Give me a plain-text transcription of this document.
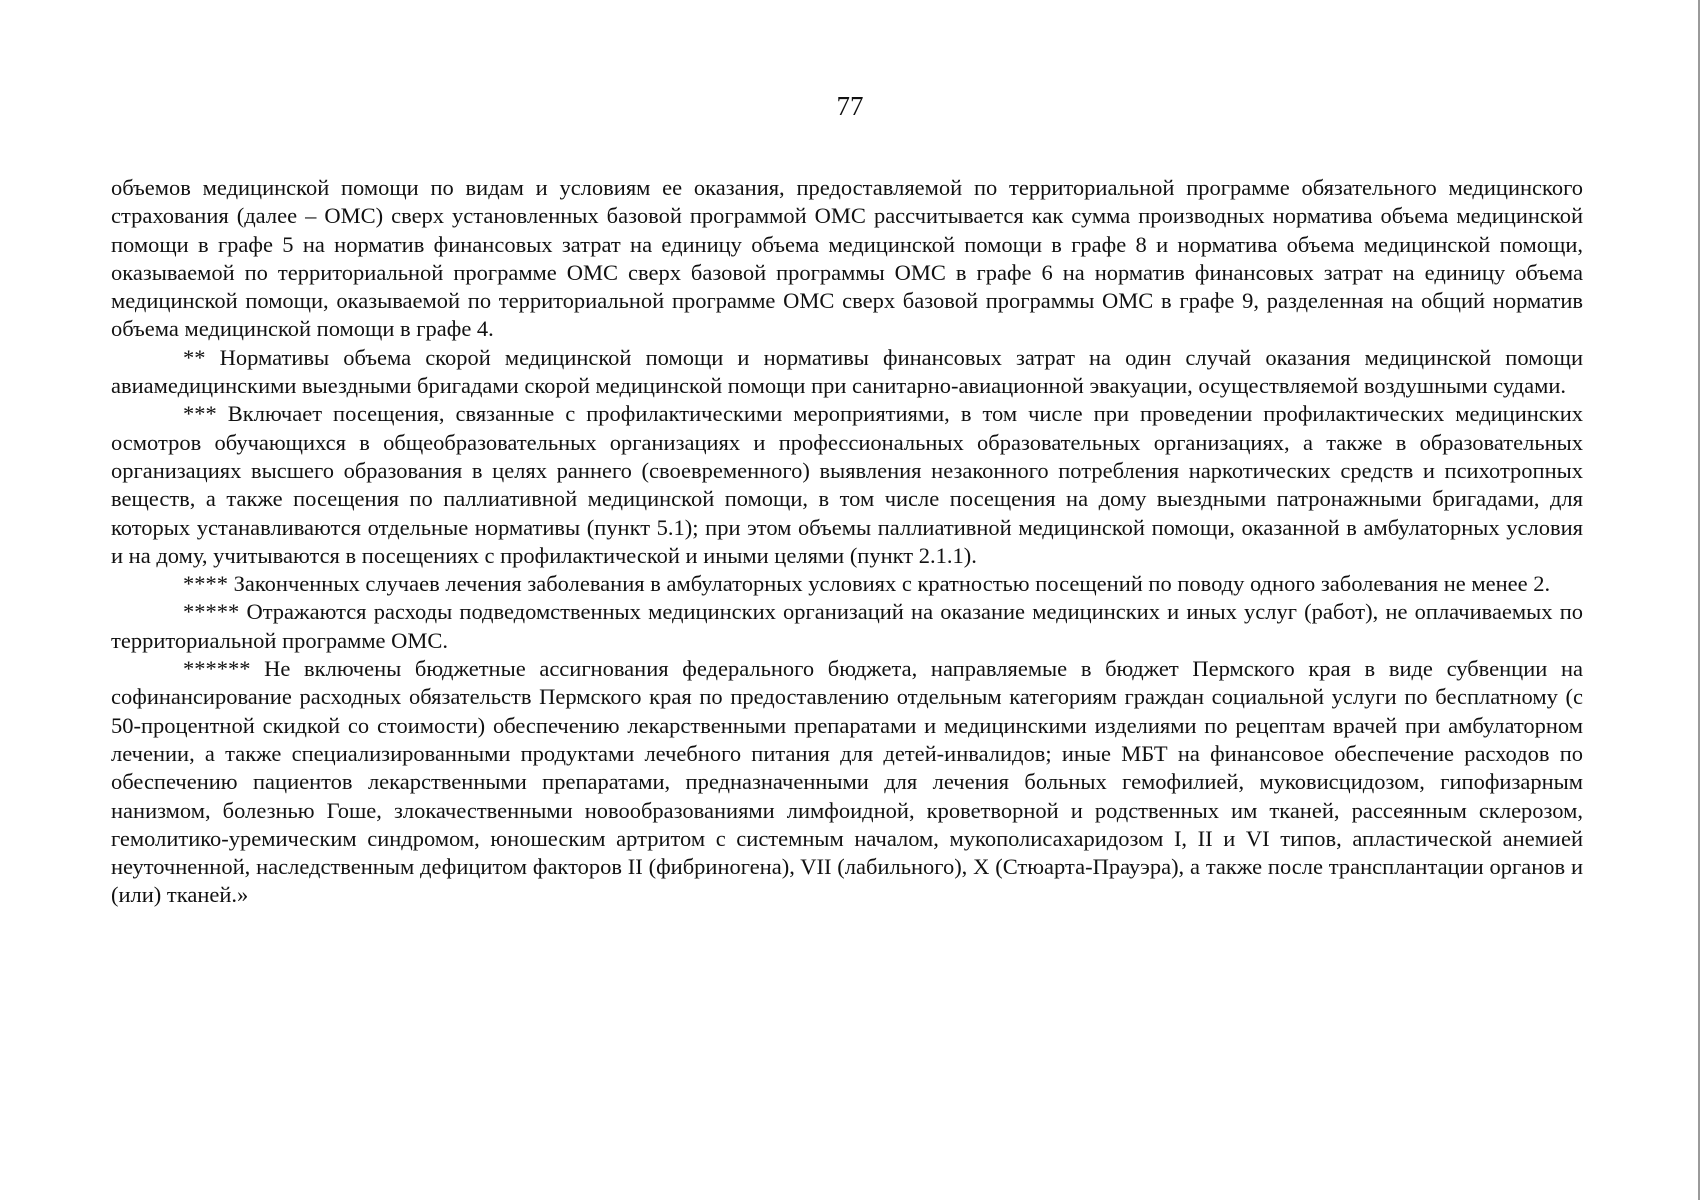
77

объемов медицинской помощи по видам и условиям ее оказания, предоставляемой по территориальной программе обязательного медицинского страхования (далее – ОМС) сверх установленных базовой программой ОМС рассчитывается как сумма производных норматива объема медицинской помощи в графе 5 на норматив финансовых затрат на единицу объема медицинской помощи в графе 8 и норматива объема медицинской помощи, оказываемой по территориальной программе ОМС сверх базовой программы ОМС в графе 6 на норматив финансовых затрат на единицу объема медицинской помощи, оказываемой по территориальной программе ОМС сверх базовой программы ОМС в графе 9, разделенная на общий норматив объема медицинской помощи в графе 4.

** Нормативы объема скорой медицинской помощи и нормативы финансовых затрат на один случай оказания медицинской помощи авиамедицинскими выездными бригадами скорой медицинской помощи при санитарно-авиационной эвакуации, осуществляемой воздушными судами.

*** Включает посещения, связанные с профилактическими мероприятиями, в том числе при проведении профилактических медицинских осмотров обучающихся в общеобразовательных организациях и профессиональных образовательных организациях, а также в образовательных организациях высшего образования в целях раннего (своевременного) выявления незаконного потребления наркотических средств и психотропных веществ, а также посещения по паллиативной медицинской помощи, в том числе посещения на дому выездными патронажными бригадами, для которых устанавливаются отдельные нормативы (пункт 5.1); при этом объемы паллиативной медицинской помощи, оказанной в амбулаторных условия и на дому, учитываются в посещениях с профилактической и иными целями (пункт 2.1.1).

**** Законченных случаев лечения заболевания в амбулаторных условиях с кратностью посещений по поводу одного заболевания не менее 2.

***** Отражаются расходы подведомственных медицинских организаций на оказание медицинских и иных услуг (работ), не оплачиваемых по территориальной программе ОМС.

****** Не включены бюджетные ассигнования федерального бюджета, направляемые в бюджет Пермского края в виде субвенции на софинансирование расходных обязательств Пермского края по предоставлению отдельным категориям граждан социальной услуги по бесплатному (с 50-процентной скидкой со стоимости) обеспечению лекарственными препаратами и медицинскими изделиями по рецептам врачей при амбулаторном лечении, а также специализированными продуктами лечебного питания для детей-инвалидов; иные МБТ на финансовое обеспечение расходов по обеспечению пациентов лекарственными препаратами, предназначенными для лечения больных гемофилией, муковисцидозом, гипофизарным нанизмом, болезнью Гоше, злокачественными новообразованиями лимфоидной, кроветворной и родственных им тканей, рассеянным склерозом, гемолитико-уремическим синдромом, юношеским артритом с системным началом, мукополисахаридозом I, II и VI типов, апластической анемией неуточненной, наследственным дефицитом факторов II (фибриногена), VII (лабильного), X (Стюарта-Прауэра), а также после трансплантации органов и (или) тканей.»
